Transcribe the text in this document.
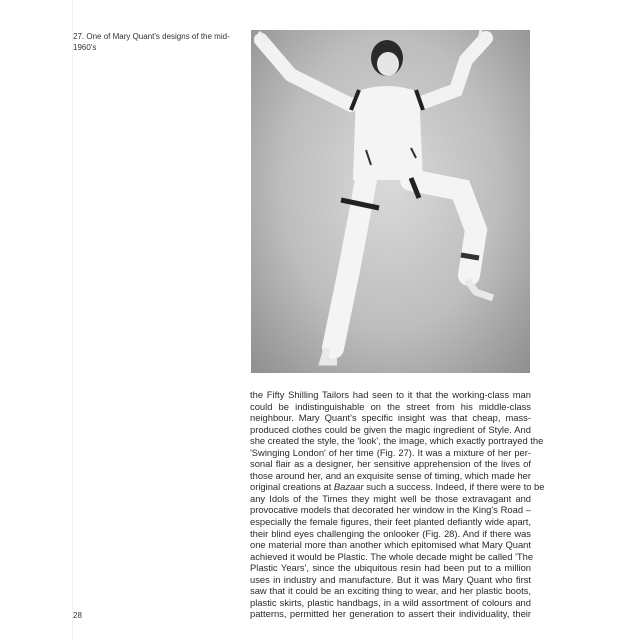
27. One of Mary Quant's designs of the mid-1960's
the Fifty Shilling Tailors had seen to it that the working-class man
could be indistinguishable on the street from his middle-class
neighbour. Mary Quant's specific insight was that cheap, mass-
produced clothes could be given the magic ingredient of Style. And
she created the style, the 'look', the image, which exactly portrayed the
'Swinging London' of her time (Fig. 27). It was a mixture of her per-
sonal flair as a designer, her sensitive apprehension of the lives of
those around her, and an exquisite sense of timing, which made her
original creations at Bazaar such a success. Indeed, if there were to be
any Idols of the Times they might well be those extravagant and
provocative models that decorated her window in the King's Road –
especially the female figures, their feet planted defiantly wide apart,
their blind eyes challenging the onlooker (Fig. 28). And if there was
one material more than another which epitomised what Mary Quant
achieved it would be Plastic. The whole decade might be called 'The
Plastic Years', since the ubiquitous resin had been put to a million
uses in industry and manufacture. But it was Mary Quant who first
saw that it could be an exciting thing to wear, and her plastic boots,
plastic skirts, plastic handbags, in a wild assortment of colours and
patterns, permitted her generation to assert their individuality, their
28
